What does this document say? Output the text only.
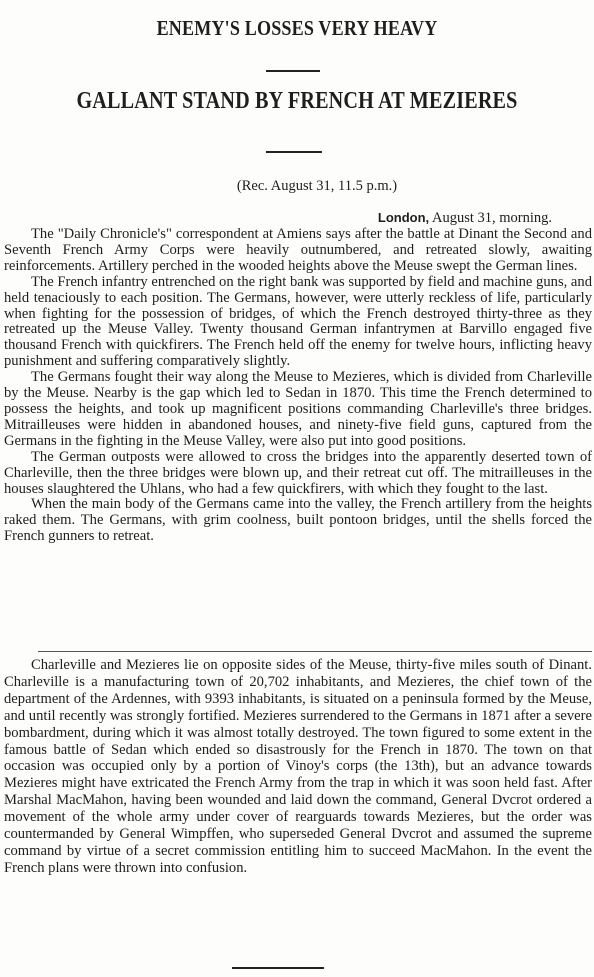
ENEMY'S LOSSES VERY HEAVY
GALLANT STAND BY FRENCH AT MEZIERES
(Rec. August 31, 11.5 p.m.)
London, August 31, morning.

The "Daily Chronicle's" correspondent at Amiens says after the battle at Dinant the Second and Seventh French Army Corps were heavily outnumbered, and retreated slowly, awaiting reinforcements. Artillery perched in the wooded heights above the Meuse swept the German lines.

The French infantry entrenched on the right bank was supported by field and machine guns, and held tenaciously to each position. The Germans, however, were utterly reckless of life, particularly when fighting for the possession of bridges, of which the French destroyed thirty-three as they retreated up the Meuse Valley. Twenty thousand German infantrymen at Barvillo engaged five thousand French with quickfirers. The French held off the enemy for twelve hours, inflicting heavy punishment and suffering comparatively slightly.

The Germans fought their way along the Meuse to Mezieres, which is divided from Charleville by the Meuse. Nearby is the gap which led to Sedan in 1870. This time the French determined to possess the heights, and took up magnificent positions commanding Charleville's three bridges. Mitrailleuses were hidden in abandoned houses, and ninety-five field guns, captured from the Germans in the fighting in the Meuse Valley, were also put into good positions.

The German outposts were allowed to cross the bridges into the apparently deserted town of Charleville, then the three bridges were blown up, and their retreat cut off. The mitrailleuses in the houses slaughtered the Uhlans, who had a few quickfirers, with which they fought to the last.

When the main body of the Germans came into the valley, the French artillery from the heights raked them. The Germans, with grim coolness, built pontoon bridges, until the shells forced the French gunners to retreat.

Charleville and Mezieres lie on opposite sides of the Meuse, thirty-five miles south of Dinant. Charleville is a manufacturing town of 20,702 inhabitants, and Mezieres, the chief town of the department of the Ardennes, with 9393 inhabitants, is situated on a peninsula formed by the Meuse, and until recently was strongly fortified. Mezieres surrendered to the Germans in 1871 after a severe bombardment, during which it was almost totally destroyed. The town figured to some extent in the famous battle of Sedan which ended so disastrously for the French in 1870. The town on that occasion was occupied only by a portion of Vinoy's corps (the 13th), but an advance towards Mezieres might have extricated the French Army from the trap in which it was soon held fast. After Marshal MacMahon, having been wounded and laid down the command, General Dvcrot ordered a movement of the whole army under cover of rearguards towards Mezieres, but the order was countermanded by General Wimpffen, who superseded General Dvcrot and assumed the supreme command by virtue of a secret commission entitling him to succeed MacMahon. In the event the French plans were thrown into confusion.
